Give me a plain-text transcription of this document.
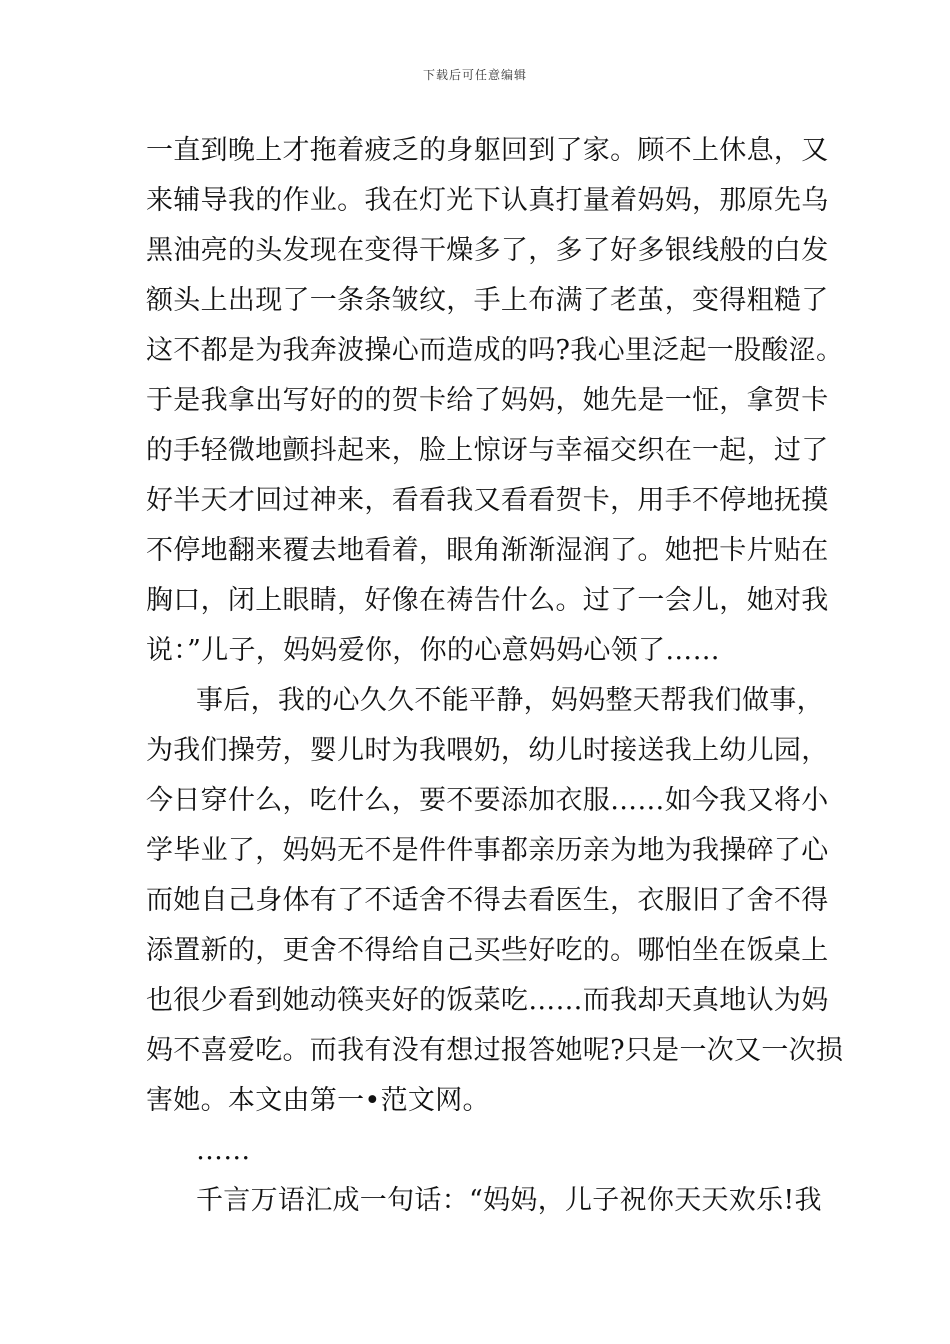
下载后可任意编辑
一直到晚上才拖着疲乏的身躯回到了家。顾不上休息，又
来辅导我的作业。我在灯光下认真打量着妈妈，那原先乌
黑油亮的头发现在变得干燥多了，多了好多银线般的白发
额头上出现了一条条皱纹，手上布满了老茧，变得粗糙了
这不都是为我奔波操心而造成的吗?我心里泛起一股酸涩。
于是我拿出写好的的贺卡给了妈妈，她先是一怔，拿贺卡
的手轻微地颤抖起来，脸上惊讶与幸福交织在一起，过了
好半天才回过神来，看看我又看看贺卡，用手不停地抚摸
不停地翻来覆去地看着，眼角渐渐湿润了。她把卡片贴在
胸口，闭上眼睛，好像在祷告什么。过了一会儿，她对我
说：”儿子，妈妈爱你，你的心意妈妈心领了……
事后，我的心久久不能平静，妈妈整天帮我们做事，
为我们操劳，婴儿时为我喂奶，幼儿时接送我上幼儿园，
今日穿什么，吃什么，要不要添加衣服……如今我又将小
学毕业了，妈妈无不是件件事都亲历亲为地为我操碎了心
而她自己身体有了不适舍不得去看医生，衣服旧了舍不得
添置新的，更舍不得给自己买些好吃的。哪怕坐在饭桌上
也很少看到她动筷夹好的饭菜吃……而我却天真地认为妈
妈不喜爱吃。而我有没有想过报答她呢?只是一次又一次损
害她。本文由第一•范文网。
……
千言万语汇成一句话：“妈妈，儿子祝你天天欢乐!我
